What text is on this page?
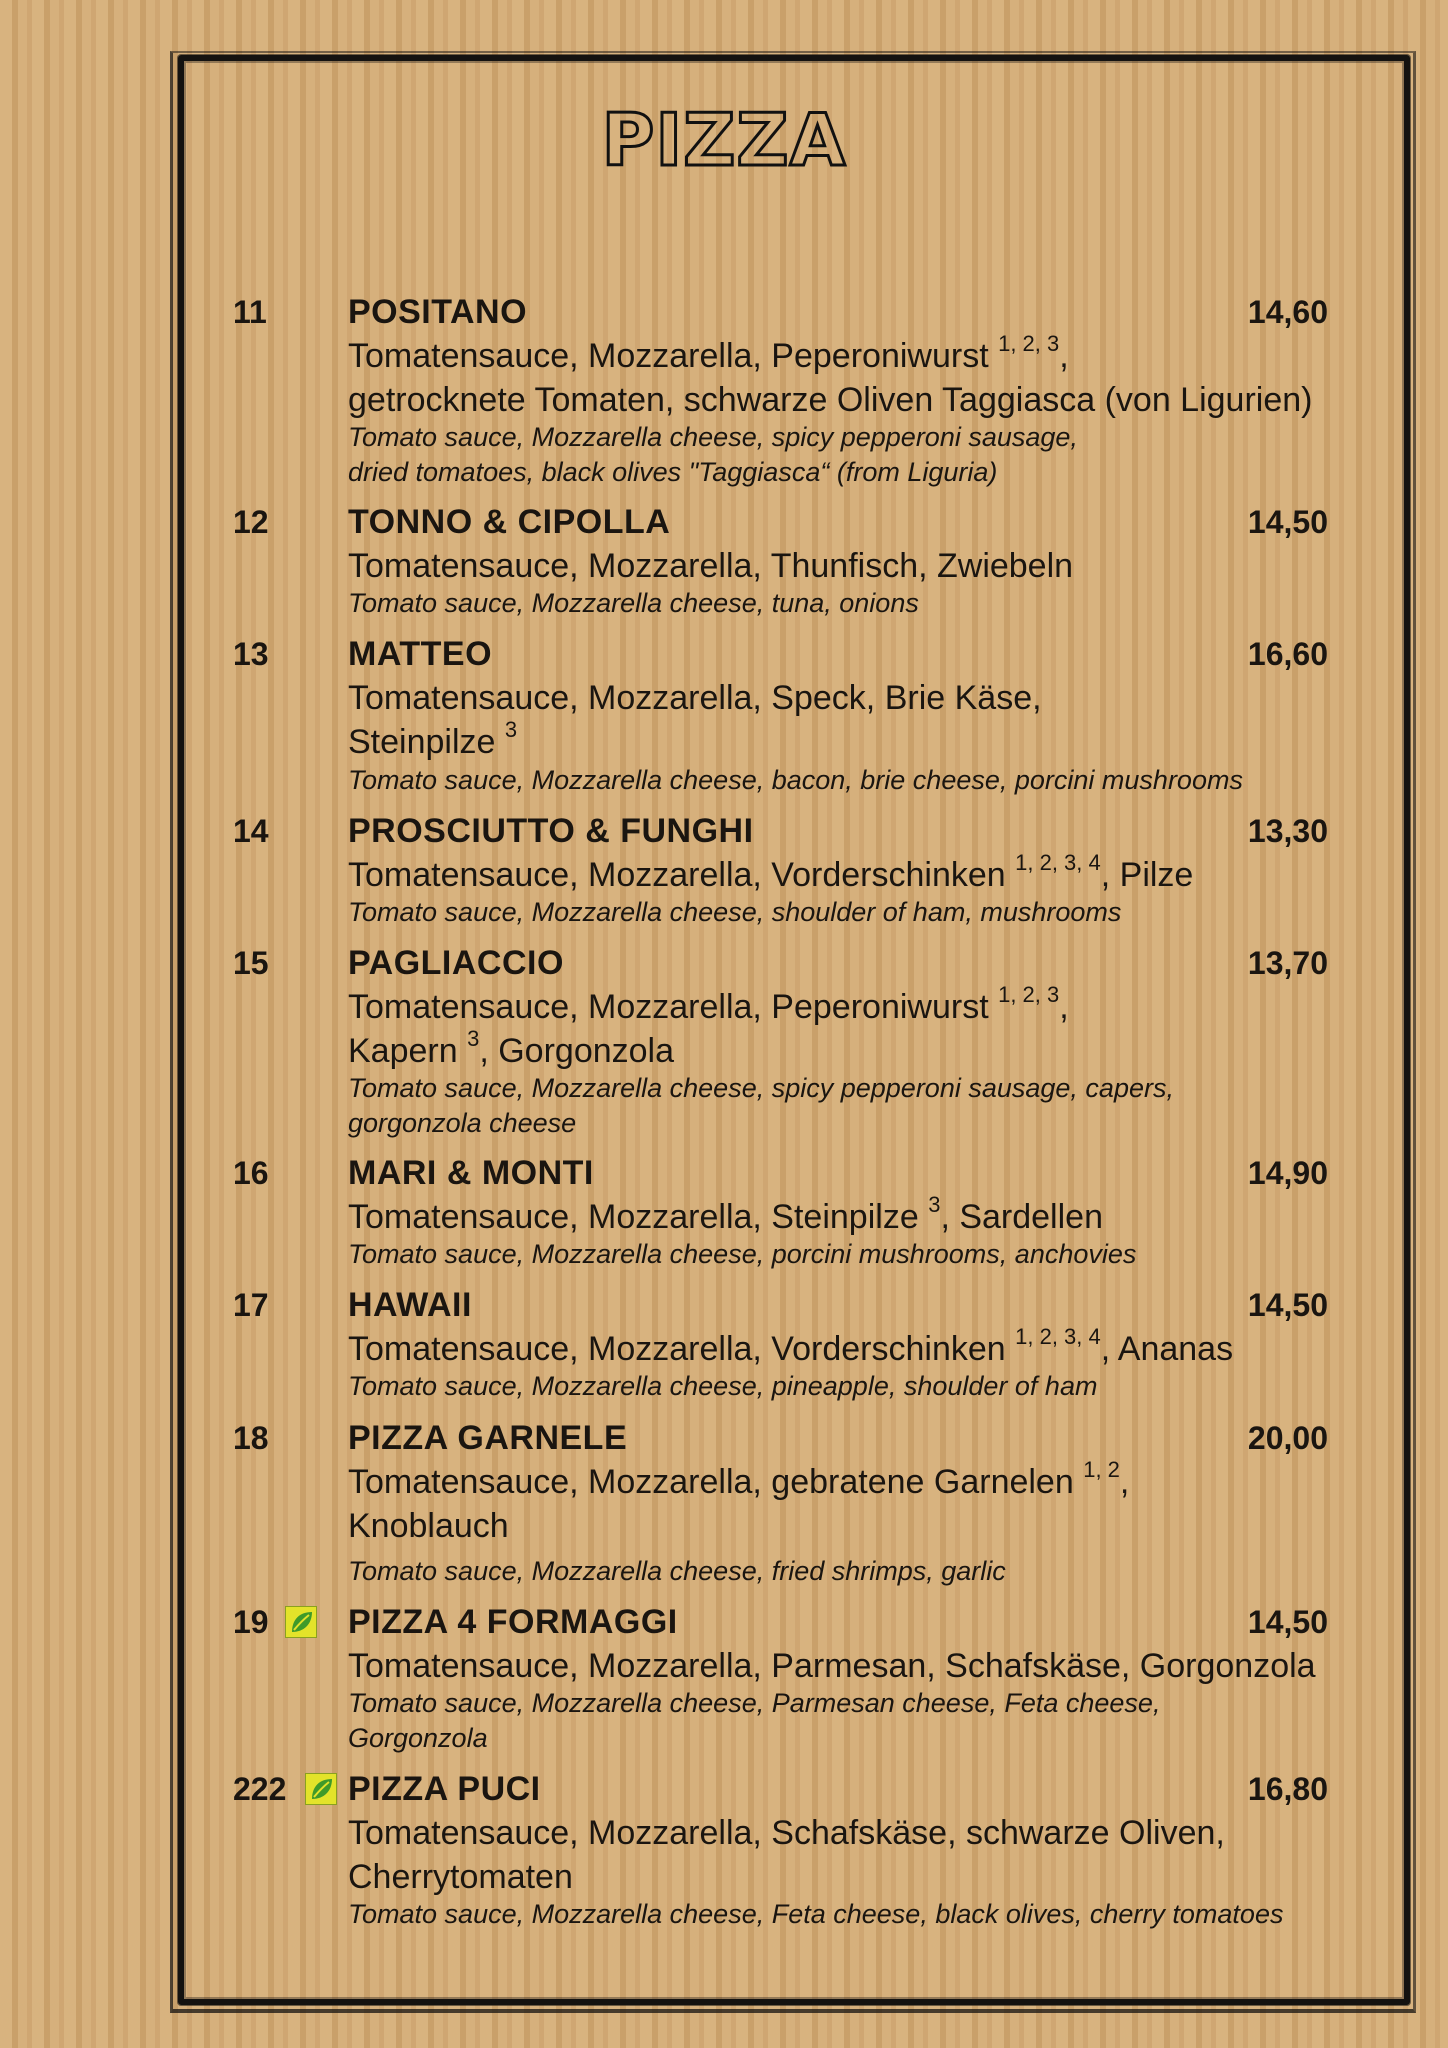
PIZZA
11 POSITANO	14,60
Tomatensauce, Mozzarella, Peperoniwurst $^{1, 2, 3}$,
getrocknete Tomaten, schwarze Oliven Taggiasca (von Ligurien)
Tomato sauce, Mozzarella cheese, spicy pepperoni sausage,
dried tomatoes, black olives "Taggiasca“ (from Liguria)
12 TONNO & CIPOLLA	14,50
Tomatensauce, Mozzarella, Thunfisch, Zwiebeln
Tomato sauce, Mozzarella cheese, tuna, onions
13 MATTEO	16,60
Tomatensauce, Mozzarella, Speck, Brie Käse,
Steinpilze $^3$
Tomato sauce, Mozzarella cheese, bacon, brie cheese, porcini mushrooms
14 PROSCIUTTO & FUNGHI	13,30
Tomatensauce, Mozzarella, Vorderschinken $^{1, 2, 3, 4}$, Pilze
Tomato sauce, Mozzarella cheese, shoulder of ham, mushrooms
15 PAGLIACCIO	13,70
Tomatensauce, Mozzarella, Peperoniwurst $^{1, 2, 3}$,
Kapern $^3$, Gorgonzola
Tomato sauce, Mozzarella cheese, spicy pepperoni sausage, capers,
gorgonzola cheese
16 MARI & MONTI	14,90
Tomatensauce, Mozzarella, Steinpilze $^3$, Sardellen
Tomato sauce, Mozzarella cheese, porcini mushrooms, anchovies
17 HAWAII	14,50
Tomatensauce, Mozzarella, Vorderschinken $^{1, 2, 3, 4}$, Ananas
Tomato sauce, Mozzarella cheese, pineapple, shoulder of ham
18 PIZZA GARNELE	20,00
Tomatensauce, Mozzarella, gebratene Garnelen $^{1, 2}$,
Knoblauch
Tomato sauce, Mozzarella cheese, fried shrimps, garlic
19 PIZZA 4 FORMAGGI	14,50
Tomatensauce, Mozzarella, Parmesan, Schafskäse, Gorgonzola
Tomato sauce, Mozzarella cheese, Parmesan cheese, Feta cheese,
Gorgonzola
222 PIZZA PUCI	16,80
Tomatensauce, Mozzarella, Schafskäse, schwarze Oliven,
Cherrytomaten
Tomato sauce, Mozzarella cheese, Feta cheese, black olives, cherry tomatoes
